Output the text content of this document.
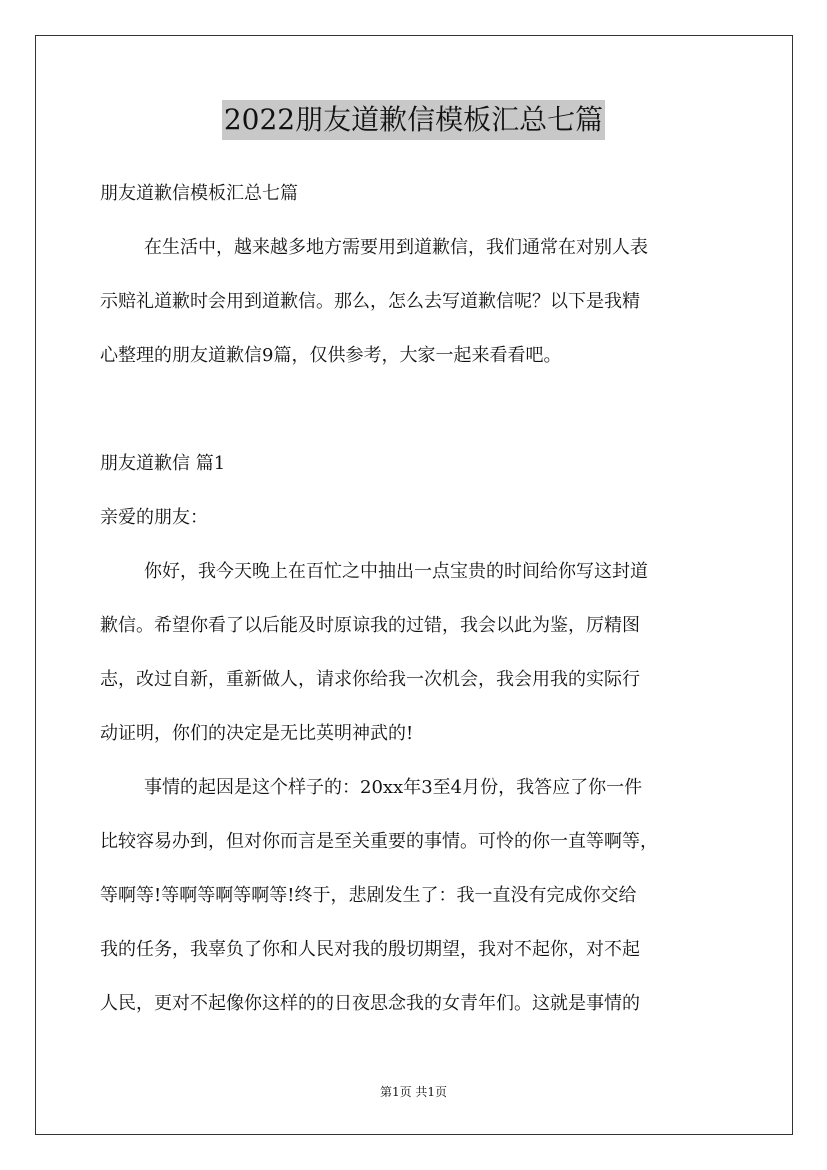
2022朋友道歉信模板汇总七篇
朋友道歉信模板汇总七篇
在生活中，越来越多地方需要用到道歉信，我们通常在对别人表
示赔礼道歉时会用到道歉信。那么，怎么去写道歉信呢？以下是我精
心整理的朋友道歉信9篇，仅供参考，大家一起来看看吧。
朋友道歉信 篇1
亲爱的朋友：
你好，我今天晚上在百忙之中抽出一点宝贵的时间给你写这封道
歉信。希望你看了以后能及时原谅我的过错，我会以此为鉴，厉精图
志，改过自新，重新做人，请求你给我一次机会，我会用我的实际行
动证明，你们的决定是无比英明神武的!
事情的起因是这个样子的：20xx年3至4月份，我答应了你一件
比较容易办到，但对你而言是至关重要的事情。可怜的你一直等啊等，
等啊等!等啊等啊等啊等!终于，悲剧发生了：我一直没有完成你交给
我的任务，我辜负了你和人民对我的殷切期望，我对不起你，对不起
人民，更对不起像你这样的的日夜思念我的女青年们。这就是事情的
第1页 共1页
